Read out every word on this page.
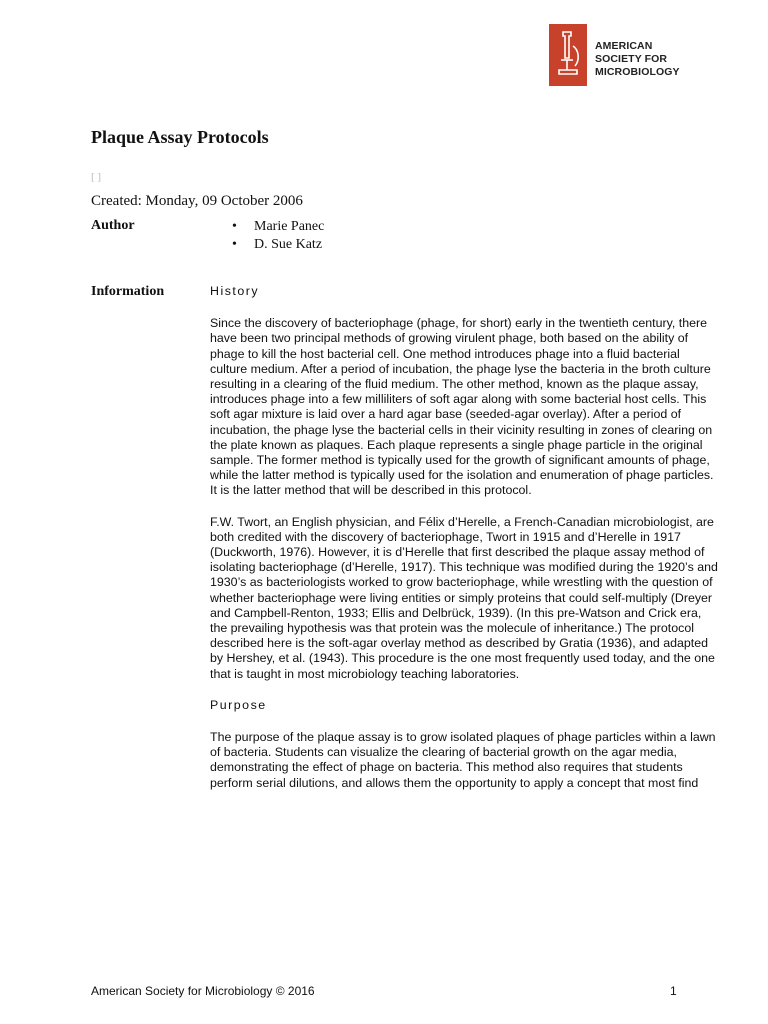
AMERICAN
SOCIETY FOR
MICROBIOLOGY
Plaque Assay Protocols
[ ]
Created: Monday, 09 October 2006
Author
•	Marie Panec
• D. Sue Katz
Information	History

Since the discovery of bacteriophage (phage, for short) early in the twentieth century, there have been two principal methods of growing virulent phage, both based on the ability of phage to kill the host bacterial cell. One method introduces phage into a fluid bacterial culture medium. After a period of incubation, the phage lyse the bacteria in the broth culture resulting in a clearing of the fluid medium. The other method, known as the plaque assay, introduces phage into a few milliliters of soft agar along with some bacterial host cells. This soft agar mixture is laid over a hard agar base (seeded-agar overlay). After a period of incubation, the phage lyse the bacterial cells in their vicinity resulting in zones of clearing on the plate known as plaques. Each plaque represents a single phage particle in the original sample. The former method is typically used for the growth of significant amounts of phage, while the latter method is typically used for the isolation and enumeration of phage particles. It is the latter method that will be described in this protocol.

F.W. Twort, an English physician, and Félix d’Herelle, a French-Canadian microbiologist, are both credited with the discovery of bacteriophage, Twort in 1915 and d’Herelle in 1917 (Duckworth, 1976). However, it is d’Herelle that first described the plaque assay method of isolating bacteriophage (d’Herelle, 1917). This technique was modified during the 1920’s and 1930’s as bacteriologists worked to grow bacteriophage, while wrestling with the question of whether bacteriophage were living entities or simply proteins that could self-multiply (Dreyer and Campbell-Renton, 1933; Ellis and Delbrück, 1939). (In this pre-Watson and Crick era, the prevailing hypothesis was that protein was the molecule of inheritance.) The protocol described here is the soft-agar overlay method as described by Gratia (1936), and adapted by Hershey, et al. (1943). This procedure is the one most frequently used today, and the one that is taught in most microbiology teaching laboratories.

Purpose

The purpose of the plaque assay is to grow isolated plaques of phage particles within a lawn of bacteria. Students can visualize the clearing of bacterial growth on the agar media, demonstrating the effect of phage on bacteria. This method also requires that students perform serial dilutions, and allows them the opportunity to apply a concept that most find

American Society for Microbiology © 2016	1
